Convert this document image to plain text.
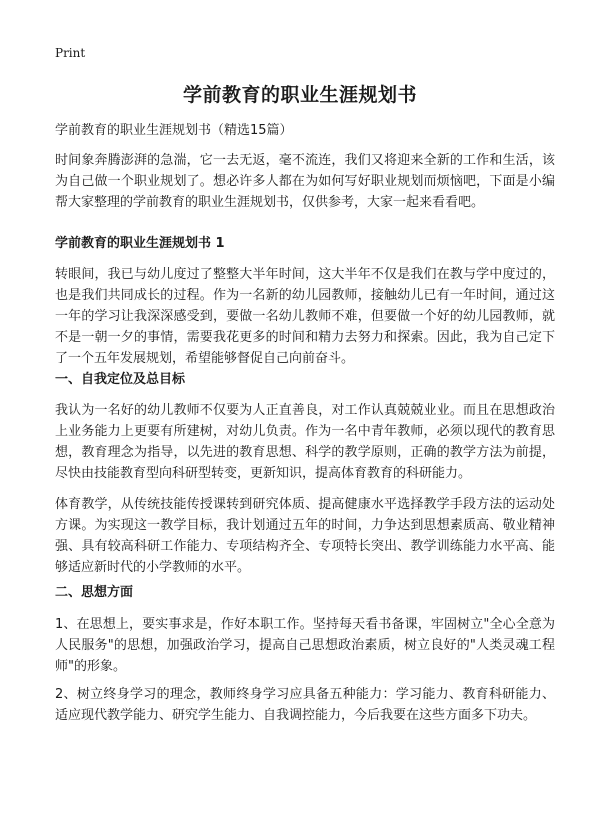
Print
学前教育的职业生涯规划书

学前教育的职业生涯规划书（精选15篇）

时间象奔腾澎湃的急湍，它一去无返，毫不流连，我们又将迎来全新的工作和生活，该为自己做一个职业规划了。想必许多人都在为如何写好职业规划而烦恼吧，下面是小编帮大家整理的学前教育的职业生涯规划书，仅供参考，大家一起来看看吧。

学前教育的职业生涯规划书 1

转眼间，我已与幼儿度过了整整大半年时间，这大半年不仅是我们在教与学中度过的，也是我们共同成长的过程。作为一名新的幼儿园教师，接触幼儿已有一年时间，通过这一年的学习让我深深感受到，要做一名幼儿教师不难，但要做一个好的幼儿园教师，就不是一朝一夕的事情，需要我花更多的时间和精力去努力和探索。因此，我为自己定下了一个五年发展规划，希望能够督促自己向前奋斗。

一、自我定位及总目标

我认为一名好的幼儿教师不仅要为人正直善良，对工作认真兢兢业业。而且在思想政治上业务能力上更要有所建树，对幼儿负责。作为一名中青年教师，必须以现代的教育思想，教育理念为指导，以先进的教育思想、科学的教学原则，正确的教学方法为前提，尽快由技能教育型向科研型转变，更新知识，提高体育教育的科研能力。

体育教学，从传统技能传授课转到研究体质、提高健康水平选择教学手段方法的运动处方课。为实现这一教学目标，我计划通过五年的时间，力争达到思想素质高、敬业精神强、具有较高科研工作能力、专项结构齐全、专项特长突出、教学训练能力水平高、能够适应新时代的小学教师的水平。

二、思想方面

1、在思想上，要实事求是，作好本职工作。坚持每天看书备课，牢固树立"全心全意为人民服务"的思想，加强政治学习，提高自己思想政治素质，树立良好的"人类灵魂工程师"的形象。

2、树立终身学习的理念，教师终身学习应具备五种能力：学习能力、教育科研能力、适应现代教学能力、研究学生能力、自我调控能力，今后我要在这些方面多下功夫。
